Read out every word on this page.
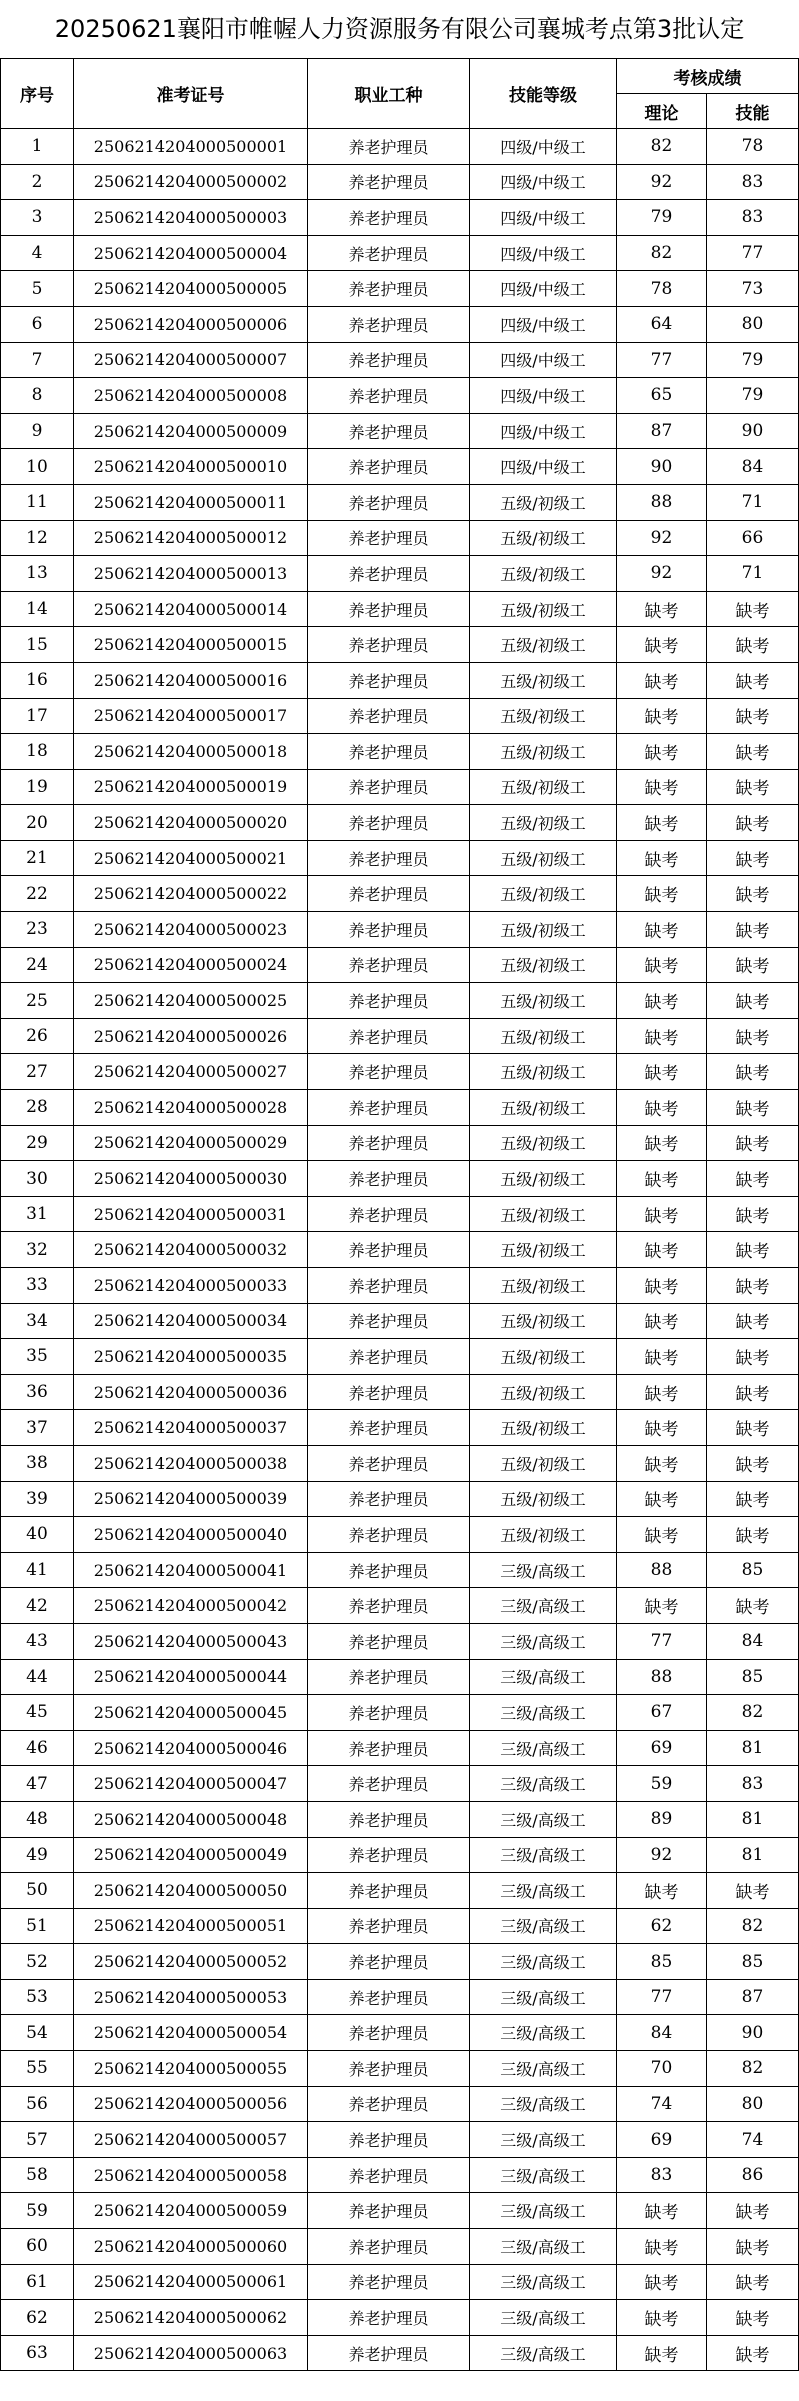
20250621襄阳市帷幄人力资源服务有限公司襄城考点第3批认定
序号	准考证号	职业工种	技能等级	考核成绩	
				理论	技能
1	2506214204000500001	养老护理员	四级/中级工	82	78
2	2506214204000500002	养老护理员	四级/中级工	92	83
3	2506214204000500003	养老护理员	四级/中级工	79	83
4	2506214204000500004	养老护理员	四级/中级工	82	77
5	2506214204000500005	养老护理员	四级/中级工	78	73
6	2506214204000500006	养老护理员	四级/中级工	64	80
7	2506214204000500007	养老护理员	四级/中级工	77	79
8	2506214204000500008	养老护理员	四级/中级工	65	79
9	2506214204000500009	养老护理员	四级/中级工	87	90
10	2506214204000500010	养老护理员	四级/中级工	90	84
11	2506214204000500011	养老护理员	五级/初级工	88	71
12	2506214204000500012	养老护理员	五级/初级工	92	66
13	2506214204000500013	养老护理员	五级/初级工	92	71
14	2506214204000500014	养老护理员	五级/初级工	缺考	缺考
15	2506214204000500015	养老护理员	五级/初级工	缺考	缺考
16	2506214204000500016	养老护理员	五级/初级工	缺考	缺考
17	2506214204000500017	养老护理员	五级/初级工	缺考	缺考
18	2506214204000500018	养老护理员	五级/初级工	缺考	缺考
19	2506214204000500019	养老护理员	五级/初级工	缺考	缺考
20	2506214204000500020	养老护理员	五级/初级工	缺考	缺考
21	2506214204000500021	养老护理员	五级/初级工	缺考	缺考
22	2506214204000500022	养老护理员	五级/初级工	缺考	缺考
23	2506214204000500023	养老护理员	五级/初级工	缺考	缺考
24	2506214204000500024	养老护理员	五级/初级工	缺考	缺考
25	2506214204000500025	养老护理员	五级/初级工	缺考	缺考
26	2506214204000500026	养老护理员	五级/初级工	缺考	缺考
27	2506214204000500027	养老护理员	五级/初级工	缺考	缺考
28	2506214204000500028	养老护理员	五级/初级工	缺考	缺考
29	2506214204000500029	养老护理员	五级/初级工	缺考	缺考
30	2506214204000500030	养老护理员	五级/初级工	缺考	缺考
31	2506214204000500031	养老护理员	五级/初级工	缺考	缺考
32	2506214204000500032	养老护理员	五级/初级工	缺考	缺考
33	2506214204000500033	养老护理员	五级/初级工	缺考	缺考
34	2506214204000500034	养老护理员	五级/初级工	缺考	缺考
35	2506214204000500035	养老护理员	五级/初级工	缺考	缺考
36	2506214204000500036	养老护理员	五级/初级工	缺考	缺考
37	2506214204000500037	养老护理员	五级/初级工	缺考	缺考
38	2506214204000500038	养老护理员	五级/初级工	缺考	缺考
39	2506214204000500039	养老护理员	五级/初级工	缺考	缺考
40	2506214204000500040	养老护理员	五级/初级工	缺考	缺考
41	2506214204000500041	养老护理员	三级/高级工	88	85
42	2506214204000500042	养老护理员	三级/高级工	缺考	缺考
43	2506214204000500043	养老护理员	三级/高级工	77	84
44	2506214204000500044	养老护理员	三级/高级工	88	85
45	2506214204000500045	养老护理员	三级/高级工	67	82
46	2506214204000500046	养老护理员	三级/高级工	69	81
47	2506214204000500047	养老护理员	三级/高级工	59	83
48	2506214204000500048	养老护理员	三级/高级工	89	81
49	2506214204000500049	养老护理员	三级/高级工	92	81
50	2506214204000500050	养老护理员	三级/高级工	缺考	缺考
51	2506214204000500051	养老护理员	三级/高级工	62	82
52	2506214204000500052	养老护理员	三级/高级工	85	85
53	2506214204000500053	养老护理员	三级/高级工	77	87
54	2506214204000500054	养老护理员	三级/高级工	84	90
55	2506214204000500055	养老护理员	三级/高级工	70	82
56	2506214204000500056	养老护理员	三级/高级工	74	80
57	2506214204000500057	养老护理员	三级/高级工	69	74
58	2506214204000500058	养老护理员	三级/高级工	83	86
59	2506214204000500059	养老护理员	三级/高级工	缺考	缺考
60	2506214204000500060	养老护理员	三级/高级工	缺考	缺考
61	2506214204000500061	养老护理员	三级/高级工	缺考	缺考
62	2506214204000500062	养老护理员	三级/高级工	缺考	缺考
63	2506214204000500063	养老护理员	三级/高级工	缺考	缺考
